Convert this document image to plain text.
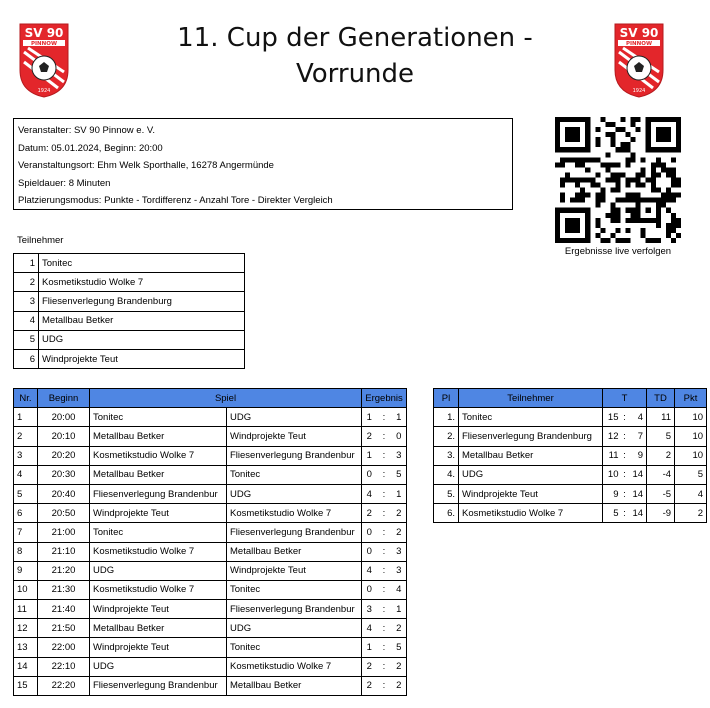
11. Cup der Generationen -
Vorrunde
SV 90
PINNOW
1924
SV 90
PINNOW
1924
Veranstalter: SV 90 Pinnow e. V.
Datum: 05.01.2024, Beginn: 20:00
Veranstaltungsort: Ehm Welk Sporthalle, 16278 Angermünde
Spieldauer: 8 Minuten
Platzierungsmodus: Punkte - Tordifferenz - Anzahl Tore - Direkter Vergleich
Ergebnisse live verfolgen
Teilnehmer
1	Tonitec
2	Kosmetikstudio Wolke 7
3	Fliesenverlegung Brandenburg
4	Metallbau Betker
5	UDG
6	Windprojekte Teut
Nr.	Beginn	Spiel		Ergebnis		
1	20:00	Tonitec	UDG	1	:	1
2	20:10	Metallbau Betker	Windprojekte Teut	2	:	0
3	20:20	Kosmetikstudio Wolke 7	Fliesenverlegung Brandenbur	1	:	3
4	20:30	Metallbau Betker	Tonitec	0	:	5
5	20:40	Fliesenverlegung Brandenbur	UDG	4	:	1
6	20:50	Windprojekte Teut	Kosmetikstudio Wolke 7	2	:	2
7	21:00	Tonitec	Fliesenverlegung Brandenbur	0	:	2
8	21:10	Kosmetikstudio Wolke 7	Metallbau Betker	0	:	3
9	21:20	UDG	Windprojekte Teut	4	:	3
10	21:30	Kosmetikstudio Wolke 7	Tonitec	0	:	4
11	21:40	Windprojekte Teut	Fliesenverlegung Brandenbur	3	:	1
12	21:50	Metallbau Betker	UDG	4	:	2
13	22:00	Windprojekte Teut	Tonitec	1	:	5
14	22:10	UDG	Kosmetikstudio Wolke 7	2	:	2
15	22:20	Fliesenverlegung Brandenbur	Metallbau Betker	2	:	2
Pl	Teilnehmer	T			TD	Pkt
1.	Tonitec	15	:	4	11	10
2.	Fliesenverlegung Brandenburg	12	:	7	5	10
3.	Metallbau Betker	11	:	9	2	10
4.	UDG	10	:	14	-4	5
5.	Windprojekte Teut	9	:	14	-5	4
6.	Kosmetikstudio Wolke 7	5	:	14	-9	2
